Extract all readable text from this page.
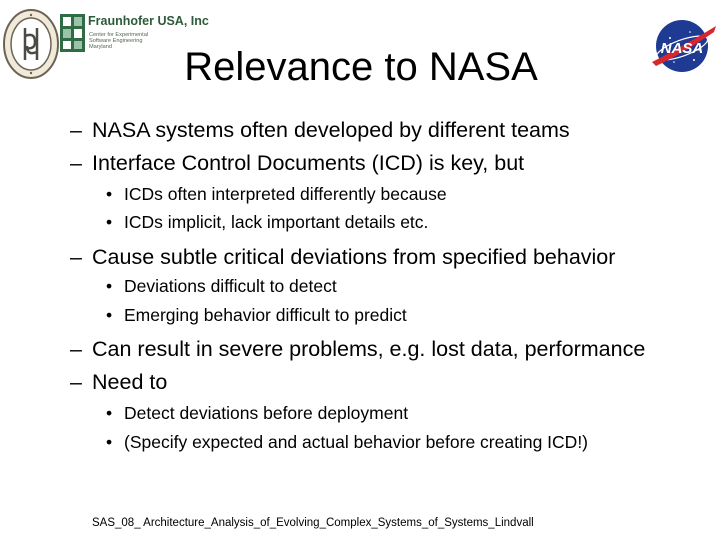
Fraunhofer USA, Inc
Center for Experimental
Software Engineering
Maryland	NASA
Relevance to NASA
– NASA systems often developed by different teams
– Interface Control Documents (ICD) is key, but
• ICDs often interpreted differently because
• ICDs implicit, lack important details etc.
– Cause subtle critical deviations from specified behavior
• Deviations difficult to detect
• Emerging behavior difficult to predict
– Can result in severe problems, e.g. lost data, performance
– Need to
• Detect deviations before deployment
• (Specify expected and actual behavior before creating ICD!)
SAS_08_ Architecture_Analysis_of_Evolving_Complex_Systems_of_Systems_Lindvall
